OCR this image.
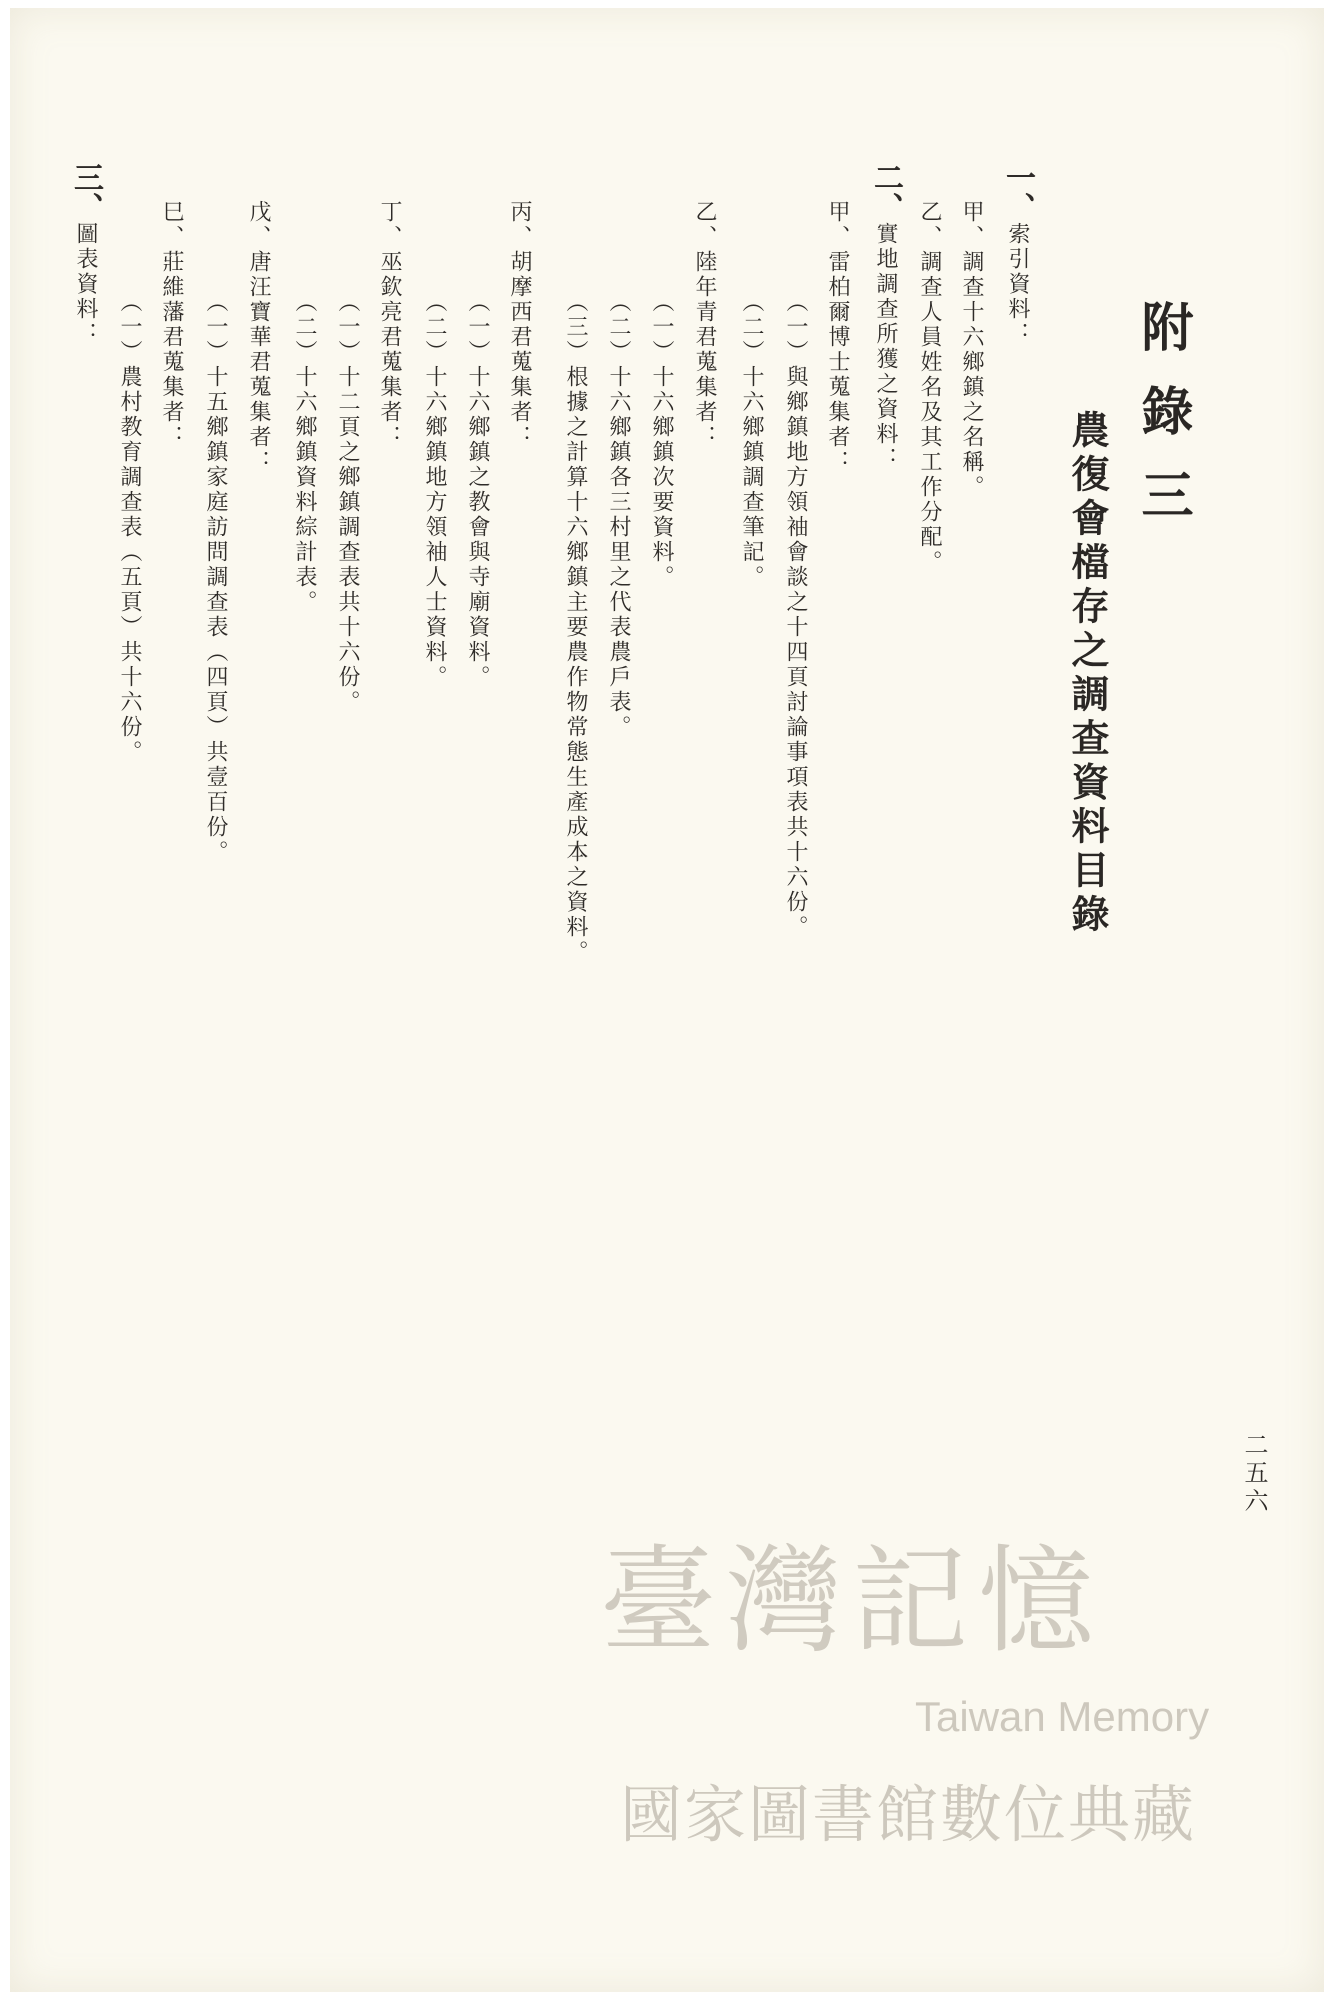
附錄三
農復會檔存之調查資料目錄

一、索引資料：

甲、調查十六鄉鎮之名稱。

乙、調查人員姓名及其工作分配。

二、實地調查所獲之資料：

甲、雷柏爾博士蒐集者：

（一）與鄉鎮地方領袖會談之十四頁討論事項表共十六份。

（二）十六鄉鎮調查筆記。

乙、陸年青君蒐集者：

（一）十六鄉鎮次要資料。

（二）十六鄉鎮各三村里之代表農戶表。

（三）根據之計算十六鄉鎮主要農作物常態生產成本之資料。

丙、胡摩西君蒐集者：

（一）十六鄉鎮之教會與寺廟資料。

（二）十六鄉鎮地方領袖人士資料。

丁、巫欽亮君蒐集者：

（一）十二頁之鄉鎮調查表共十六份。

（二）十六鄉鎮資料綜計表。

戊、唐汪寶華君蒐集者：

（一）十五鄉鎮家庭訪問調查表（四頁）共壹百份。

巳、莊維藩君蒐集者：

（一）農村教育調查表（五頁）共十六份。

三、圖表資料：

二五六
臺灣記憶
Taiwan Memory
國家圖書館數位典藏
